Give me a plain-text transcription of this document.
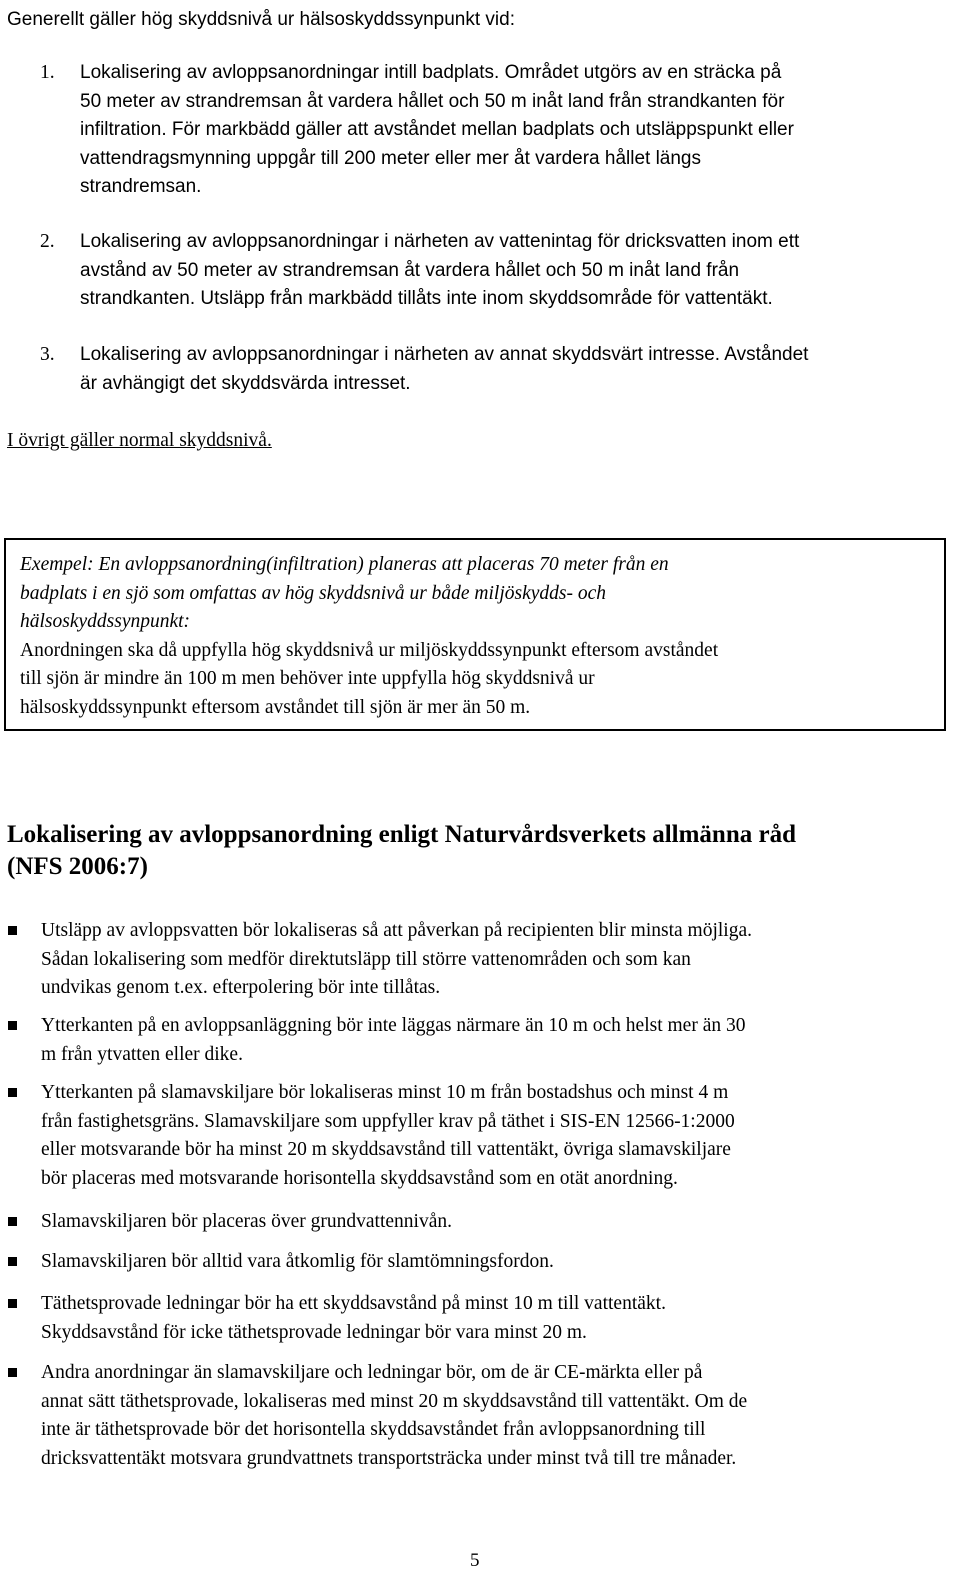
Generellt gäller hög skyddsnivå ur hälsoskyddssynpunkt vid:
1. Lokalisering av avloppsanordningar intill badplats. Området utgörs av en sträcka på
50 meter av strandremsan åt vardera hållet och 50 m inåt land från strandkanten för
infiltration. För markbädd gäller att avståndet mellan badplats och utsläppspunkt eller
vattendragsmynning uppgår till 200 meter eller mer åt vardera hållet längs
strandremsan.
2. Lokalisering av avloppsanordningar i närheten av vattenintag för dricksvatten inom ett
avstånd av 50 meter av strandremsan åt vardera hållet och 50 m inåt land från
strandkanten. Utsläpp från markbädd tillåts inte inom skyddsområde för vattentäkt.
3. Lokalisering av avloppsanordningar i närheten av annat skyddsvärt intresse. Avståndet
är avhängigt det skyddsvärda intresset.
I övrigt gäller normal skyddsnivå.
Exempel: En avloppsanordning(infiltration) planeras att placeras 70 meter från en
badplats i en sjö som omfattas av hög skyddsnivå ur både miljöskydds- och
hälsoskyddssynpunkt:
Anordningen ska då uppfylla hög skyddsnivå ur miljöskyddssynpunkt eftersom avståndet
till sjön är mindre än 100 m men behöver inte uppfylla hög skyddsnivå ur
hälsoskyddssynpunkt eftersom avståndet till sjön är mer än 50 m.
Lokalisering av avloppsanordning enligt Naturvårdsverkets allmänna råd
(NFS 2006:7)
Utsläpp av avloppsvatten bör lokaliseras så att påverkan på recipienten blir minsta möjliga.
Sådan lokalisering som medför direktutsläpp till större vattenområden och som kan
undvikas genom t.ex. efterpolering bör inte tillåtas.
Ytterkanten på en avloppsanläggning bör inte läggas närmare än 10 m och helst mer än 30
m från ytvatten eller dike.
Ytterkanten på slamavskiljare bör lokaliseras minst 10 m från bostadshus och minst 4 m
från fastighetsgräns. Slamavskiljare som uppfyller krav på täthet i SIS-EN 12566-1:2000
eller motsvarande bör ha minst 20 m skyddsavstånd till vattentäkt, övriga slamavskiljare
bör placeras med motsvarande horisontella skyddsavstånd som en otät anordning.
Slamavskiljaren bör placeras över grundvattennivån.
Slamavskiljaren bör alltid vara åtkomlig för slamtömningsfordon.
Täthetsprovade ledningar bör ha ett skyddsavstånd på minst 10 m till vattentäkt.
Skyddsavstånd för icke täthetsprovade ledningar bör vara minst 20 m.
Andra anordningar än slamavskiljare och ledningar bör, om de är CE-märkta eller på
annat sätt täthetsprovade, lokaliseras med minst 20 m skyddsavstånd till vattentäkt. Om de
inte är täthetsprovade bör det horisontella skyddsavståndet från avloppsanordning till
dricksvattentäkt motsvara grundvattnets transportsträcka under minst två till tre månader.
5
